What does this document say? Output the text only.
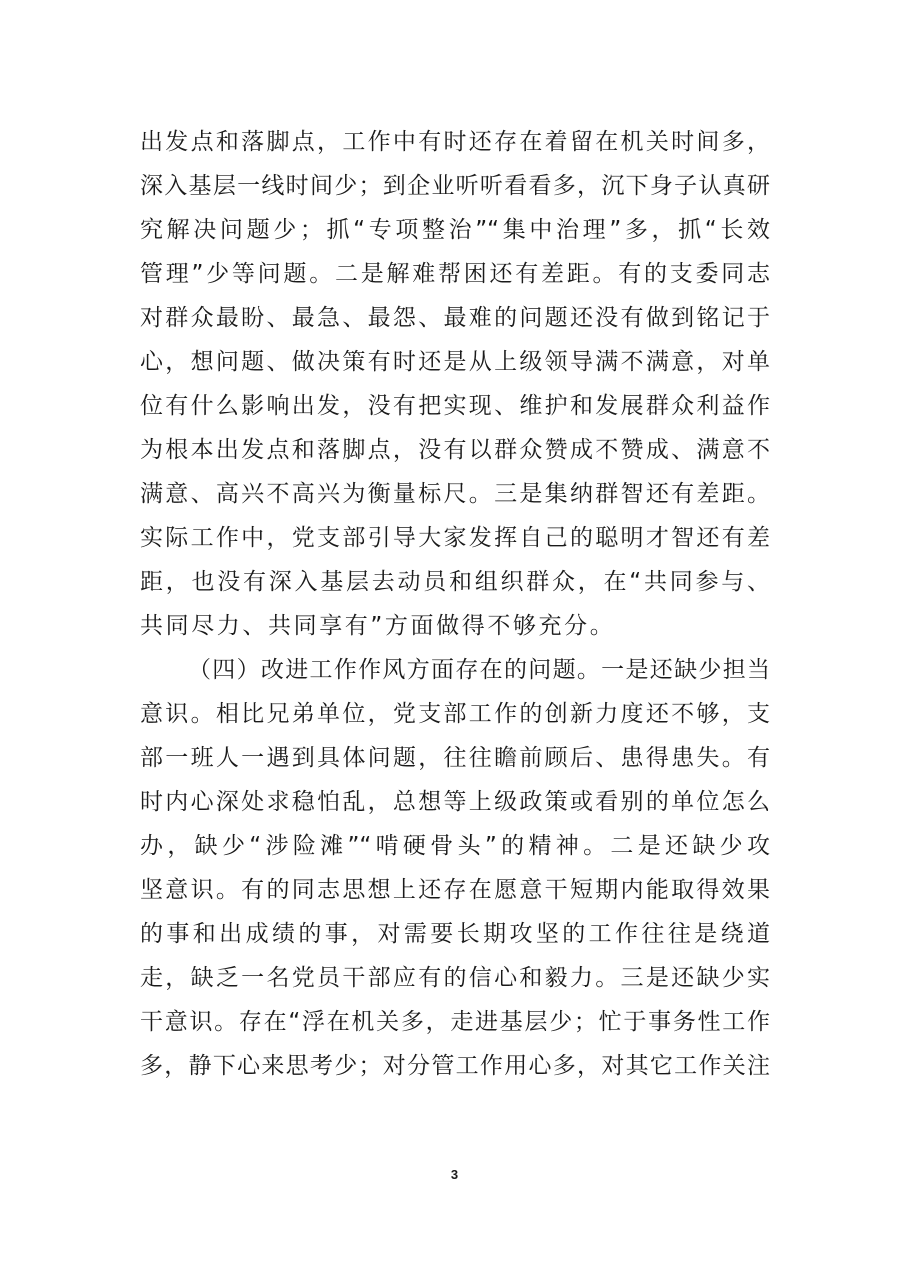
出发点和落脚点，工作中有时还存在着留在机关时间多，
深入基层一线时间少；到企业听听看看多，沉下身子认真研
究解决问题少；抓“专项整治”“集中治理”多，抓“长效
管理”少等问题。二是解难帮困还有差距。有的支委同志
对群众最盼、最急、最怨、最难的问题还没有做到铭记于
心，想问题、做决策有时还是从上级领导满不满意，对单
位有什么影响出发，没有把实现、维护和发展群众利益作
为根本出发点和落脚点，没有以群众赞成不赞成、满意不
满意、高兴不高兴为衡量标尺。三是集纳群智还有差距。
实际工作中，党支部引导大家发挥自己的聪明才智还有差
距，也没有深入基层去动员和组织群众，在“共同参与、
共同尽力、共同享有”方面做得不够充分。
（四）改进工作作风方面存在的问题。一是还缺少担当
意识。相比兄弟单位，党支部工作的创新力度还不够，支
部一班人一遇到具体问题，往往瞻前顾后、患得患失。有
时内心深处求稳怕乱，总想等上级政策或看别的单位怎么
办，缺少“涉险滩”“啃硬骨头”的精神。二是还缺少攻
坚意识。有的同志思想上还存在愿意干短期内能取得效果
的事和出成绩的事，对需要长期攻坚的工作往往是绕道
走，缺乏一名党员干部应有的信心和毅力。三是还缺少实
干意识。存在“浮在机关多，走进基层少；忙于事务性工作
多，静下心来思考少；对分管工作用心多，对其它工作关注
3
